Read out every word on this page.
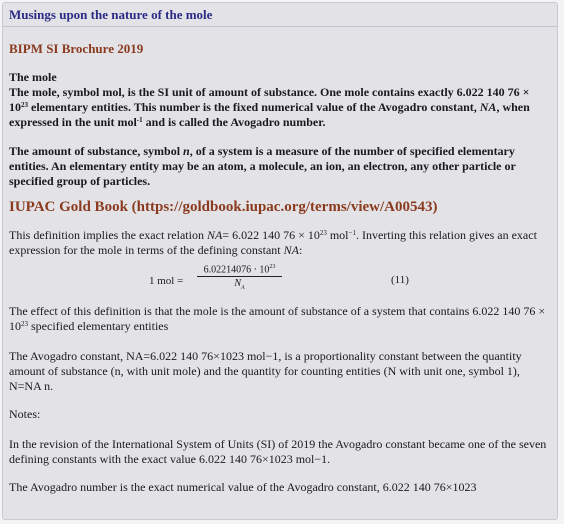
Musings upon the nature of the mole
BIPM SI Brochure 2019

The mole

The mole, symbol mol, is the SI unit of amount of substance. One mole contains exactly 6.022 140 $76 \times 10^{23}$ elementary entities. This number is the fixed numerical value of the Avogadro constant, NA, when expressed in the unit mol$^{-1}$ and is called the Avogadro number.

The amount of substance, symbol n, of a system is a measure of the number of specified elementary entities. An elementary entity may be an atom, a molecule, an ion, an electron, any other particle or specified group of particles.

IUPAC Gold Book (https://goldbook.iupac.org/terms/view/A00543)
This definition implies the exact relation NA= 6.022 140 $76 \times 10^{23}$ mol$^{-1}$. Inverting this relation gives an exact expression for the mole in terms of the defining constant NA:
1 mol = $\frac{6.02214076 \cdot 10^{23}}{N_A}$	(11)
The effect of this definition is that the mole is the amount of substance of a system that contains 6.022 140 $76 \times 10^{23}$ specified elementary entities
The Avogadro constant, NA=6.022 140 76×1023 mol−1, is a proportionality constant between the quantity amount of substance (n, with unit mole) and the quantity for counting entities (N with unit one, symbol 1), N=NA n.
Notes:
In the revision of the International System of Units (SI) of 2019 the Avogadro constant became one of the seven defining constants with the exact value 6.022 140 76×1023 mol−1.
The Avogadro number is the exact numerical value of the Avogadro constant, 6.022 140 76×1023
